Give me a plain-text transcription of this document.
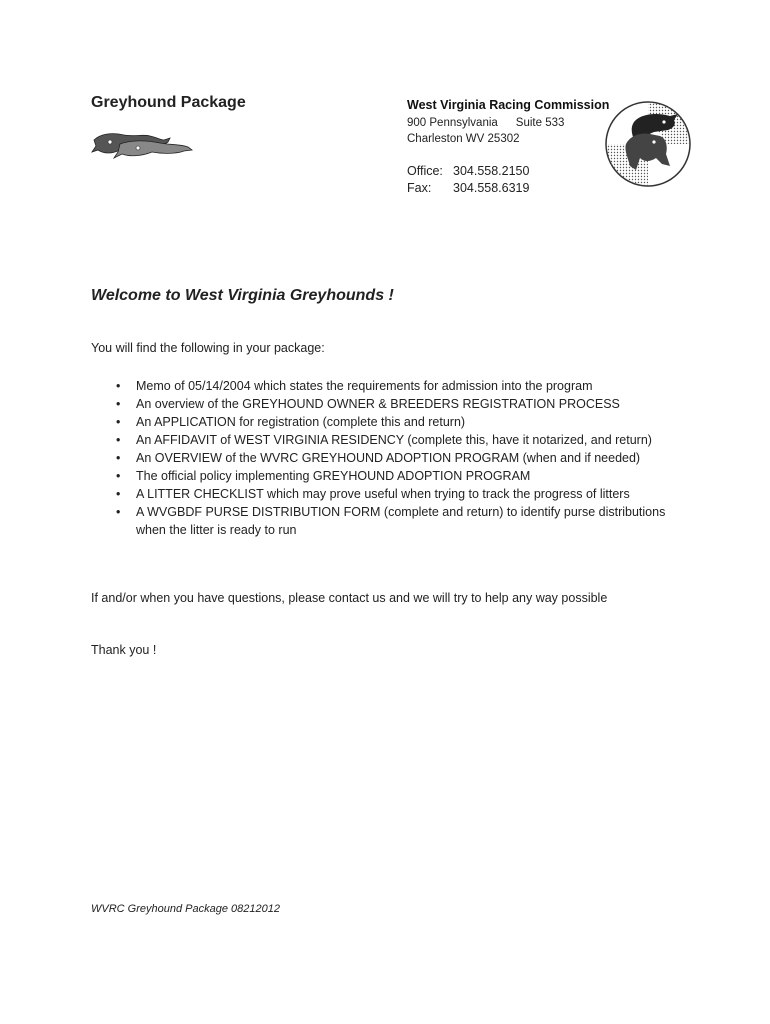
Greyhound Package	West Virginia Racing Commission
900 Pennsylvania Suite 533
Charleston WV 25302
Office: 304.558.2150
Fax: 304.558.6319
Welcome to West Virginia Greyhounds !
You will find the following in your package:
• Memo of 05/14/2004 which states the requirements for admission into the program
• An overview of the GREYHOUND OWNER & BREEDERS REGISTRATION PROCESS
• An APPLICATION for registration (complete this and return)
• An AFFIDAVIT of WEST VIRGINIA RESIDENCY (complete this, have it notarized, and return)
• An OVERVIEW of the WVRC GREYHOUND ADOPTION PROGRAM (when and if needed)
• The official policy implementing GREYHOUND ADOPTION PROGRAM
• A LITTER CHECKLIST which may prove useful when trying to track the progress of litters
• A WVGBDF PURSE DISTRIBUTION FORM (complete and return) to identify purse distributions when the litter is ready to run
If and/or when you have questions, please contact us and we will try to help any way possible
Thank you !
WVRC Greyhound Package 08212012
